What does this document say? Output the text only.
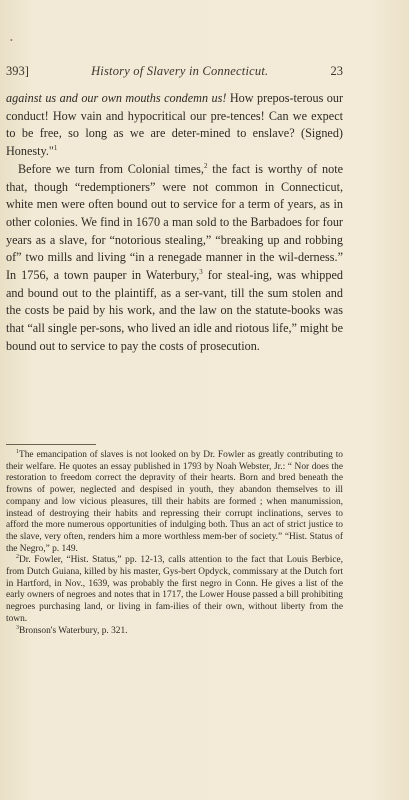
•
393]	History of Slavery in Connecticut.	23

against us and our own mouths condemn us! How prepos-terous our conduct! How vain and hypocritical our pre-tences! Can we expect to be free, so long as we are deter-mined to enslave? (Signed) Honesty."$^1$

Before we turn from Colonial times,$^2$ the fact is worthy of note that, though “redemptioners” were not common in Connecticut, white men were often bound out to service for a term of years, as in other colonies. We find in 1670 a man sold to the Barbadoes for four years as a slave, for “notorious stealing,” “breaking up and robbing of” two mills and living “in a renegade manner in the wil-derness.” In 1756, a town pauper in Waterbury,$^3$ for steal-ing, was whipped and bound out to the plaintiff, as a ser-vant, till the sum stolen and the costs be paid by his work, and the law on the statute-books was that “all single per-sons, who lived an idle and riotous life,” might be bound out to service to pay the costs of prosecution.

$^1$The emancipation of slaves is not looked on by Dr. Fowler as greatly contributing to their welfare. He quotes an essay published in 1793 by Noah Webster, Jr.: “ Nor does the restoration to freedom correct the depravity of their hearts. Born and bred beneath the frowns of power, neglected and despised in youth, they abandon themselves to ill company and low vicious pleasures, till their habits are formed ; when manumission, instead of destroying their habits and repressing their corrupt inclinations, serves to afford the more numerous opportunities of indulging both. Thus an act of strict justice to the slave, very often, renders him a more worthless mem-ber of society.” “Hist. Status of the Negro,” p. 149.

$^2$Dr. Fowler, “Hist. Status,” pp. 12-13, calls attention to the fact that Louis Berbice, from Dutch Guiana, killed by his master, Gys-bert Opdyck, commissary at the Dutch fort in Hartford, in Nov., 1639, was probably the first negro in Conn. He gives a list of the early owners of negroes and notes that in 1717, the Lower House passed a bill prohibiting negroes purchasing land, or living in fam-ilies of their own, without liberty from the town.

$^3$Bronson's Waterbury, p. 321.
